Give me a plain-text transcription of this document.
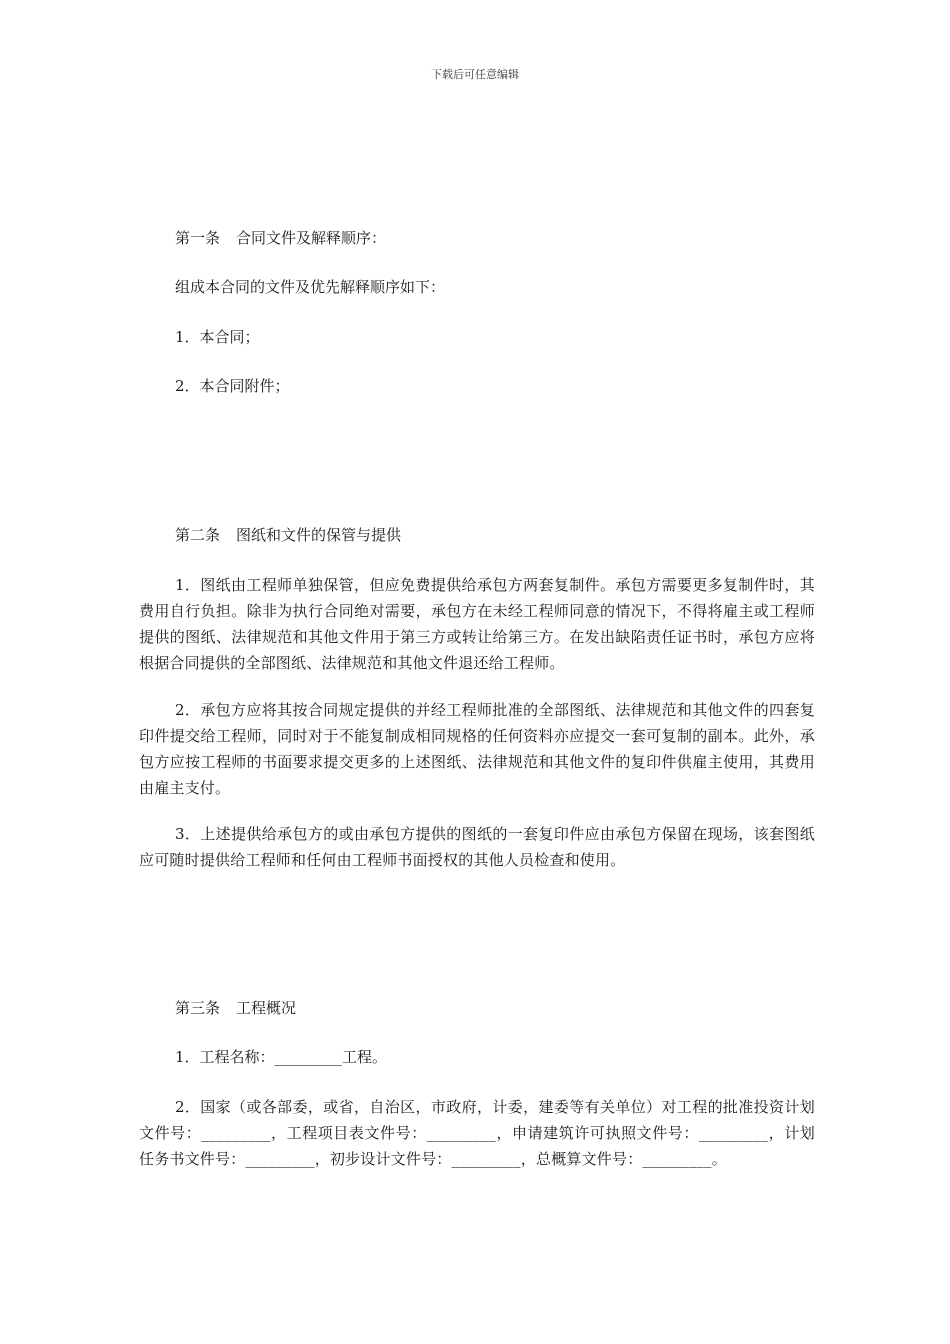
下载后可任意编辑
第一条 合同文件及解释顺序：
组成本合同的文件及优先解释顺序如下：
1．本合同；
2．本合同附件；
第二条 图纸和文件的保管与提供
1．图纸由工程师单独保管，但应免费提供给承包方两套复制件。承包方需要更多复制件时，其费用自行负担。除非为执行合同绝对需要，承包方在未经工程师同意的情况下，不得将雇主或工程师提供的图纸、法律规范和其他文件用于第三方或转让给第三方。在发出缺陷责任证书时，承包方应将根据合同提供的全部图纸、法律规范和其他文件退还给工程师。
2．承包方应将其按合同规定提供的并经工程师批准的全部图纸、法律规范和其他文件的四套复印件提交给工程师，同时对于不能复制成相同规格的任何资料亦应提交一套可复制的副本。此外，承包方应按工程师的书面要求提交更多的上述图纸、法律规范和其他文件的复印件供雇主使用，其费用由雇主支付。
3．上述提供给承包方的或由承包方提供的图纸的一套复印件应由承包方保留在现场，该套图纸应可随时提供给工程师和任何由工程师书面授权的其他人员检查和使用。
第三条 工程概况
1．工程名称：_________工程。
2．国家（或各部委，或省，自治区，市政府，计委，建委等有关单位）对工程的批准投资计划文件号：_________，工程项目表文件号：_________，申请建筑许可执照文件号：_________，计划任务书文件号：_________，初步设计文件号：_________，总概算文件号：_________。
